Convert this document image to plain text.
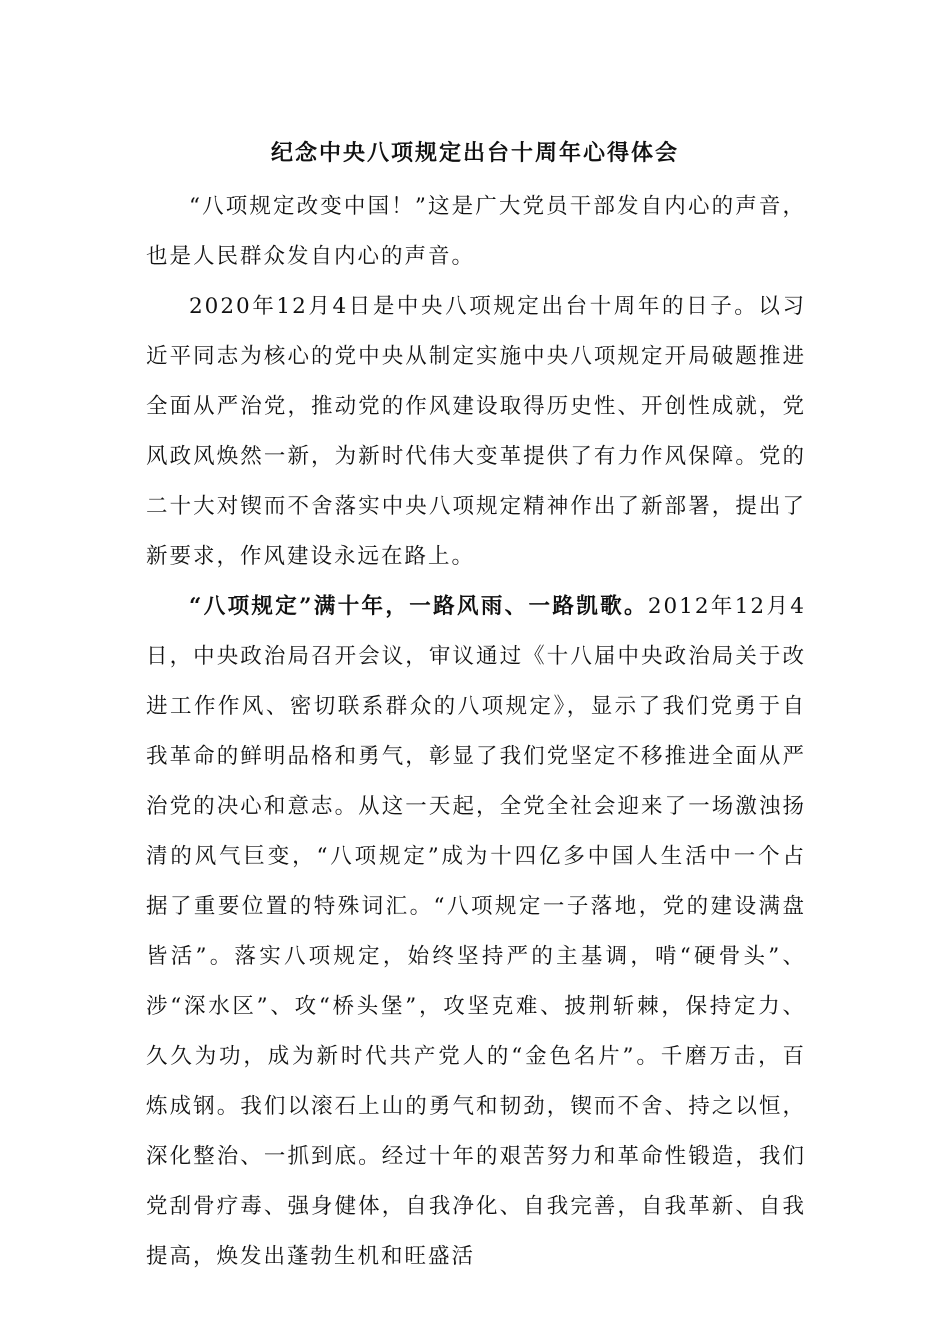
纪念中央八项规定出台十周年心得体会

“八项规定改变中国！”这是广大党员干部发自内心的声音，也是人民群众发自内心的声音。

2020年12月4日是中央八项规定出台十周年的日子。以习近平同志为核心的党中央从制定实施中央八项规定开局破题推进全面从严治党，推动党的作风建设取得历史性、开创性成就，党风政风焕然一新，为新时代伟大变革提供了有力作风保障。党的二十大对锲而不舍落实中央八项规定精神作出了新部署，提出了新要求，作风建设永远在路上。

“八项规定”满十年，一路风雨、一路凯歌。2012年12月4日，中央政治局召开会议，审议通过《十八届中央政治局关于改进工作作风、密切联系群众的八项规定》，显示了我们党勇于自我革命的鲜明品格和勇气，彰显了我们党坚定不移推进全面从严治党的决心和意志。从这一天起，全党全社会迎来了一场激浊扬清的风气巨变，“八项规定”成为十四亿多中国人生活中一个占据了重要位置的特殊词汇。“八项规定一子落地，党的建设满盘皆活”。落实八项规定，始终坚持严的主基调，啃“硬骨头”、涉“深水区”、攻“桥头堡”，攻坚克难、披荆斩棘，保持定力、久久为功，成为新时代共产党人的“金色名片”。千磨万击，百炼成钢。我们以滚石上山的勇气和韧劲，锲而不舍、持之以恒，深化整治、一抓到底。经过十年的艰苦努力和革命性锻造，我们党刮骨疗毒、强身健体，自我净化、自我完善，自我革新、自我提高，焕发出蓬勃生机和旺盛活
